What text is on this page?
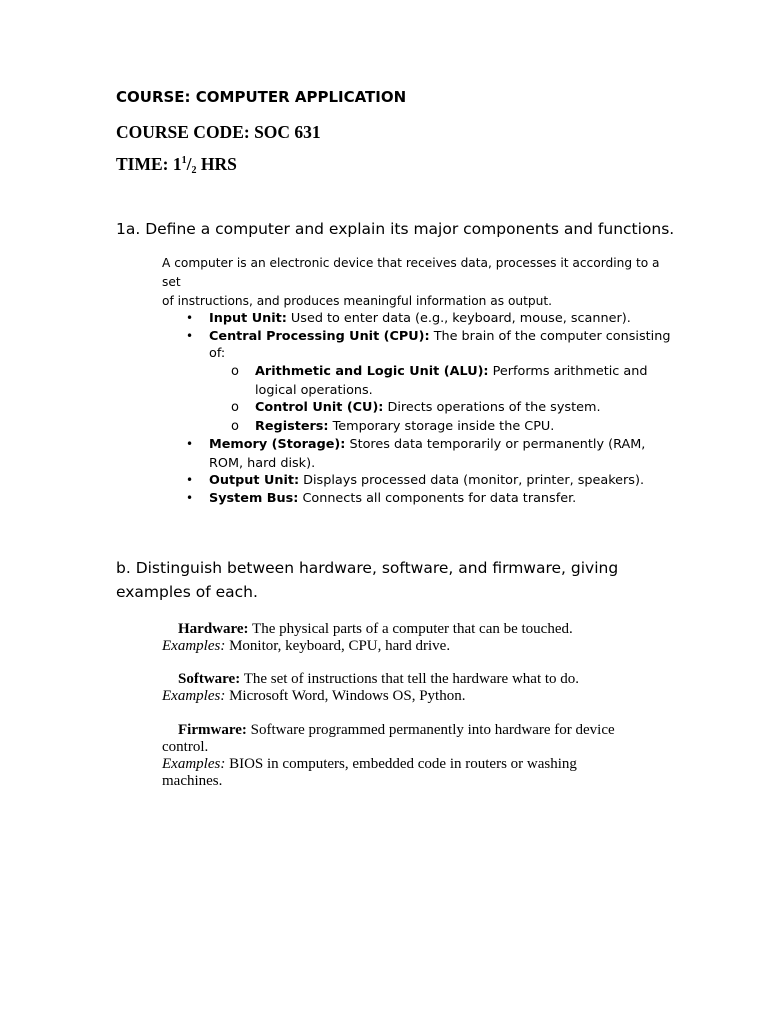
COURSE: COMPUTER APPLICATION
COURSE CODE: SOC 631
TIME: $1^1/_2$ HRS
1a. Define a computer and explain its major components and functions.
A computer is an electronic device that receives data, processes it according to a set
of instructions, and produces meaningful information as output.
• Input Unit: Used to enter data (e.g., keyboard, mouse, scanner).
• Central Processing Unit (CPU): The brain of the computer consisting
of:
o Arithmetic and Logic Unit (ALU): Performs arithmetic and
logical operations.
o Control Unit (CU): Directs operations of the system.
o Registers: Temporary storage inside the CPU.
• Memory (Storage): Stores data temporarily or permanently (RAM,
ROM, hard disk).
• Output Unit: Displays processed data (monitor, printer, speakers).
• System Bus: Connects all components for data transfer.
b. Distinguish between hardware, software, and firmware, giving
examples of each.
Hardware: The physical parts of a computer that can be touched.
Examples: Monitor, keyboard, CPU, hard drive.
Software: The set of instructions that tell the hardware what to do.
Examples: Microsoft Word, Windows OS, Python.
Firmware: Software programmed permanently into hardware for device
control.
Examples: BIOS in computers, embedded code in routers or washing
machines.
